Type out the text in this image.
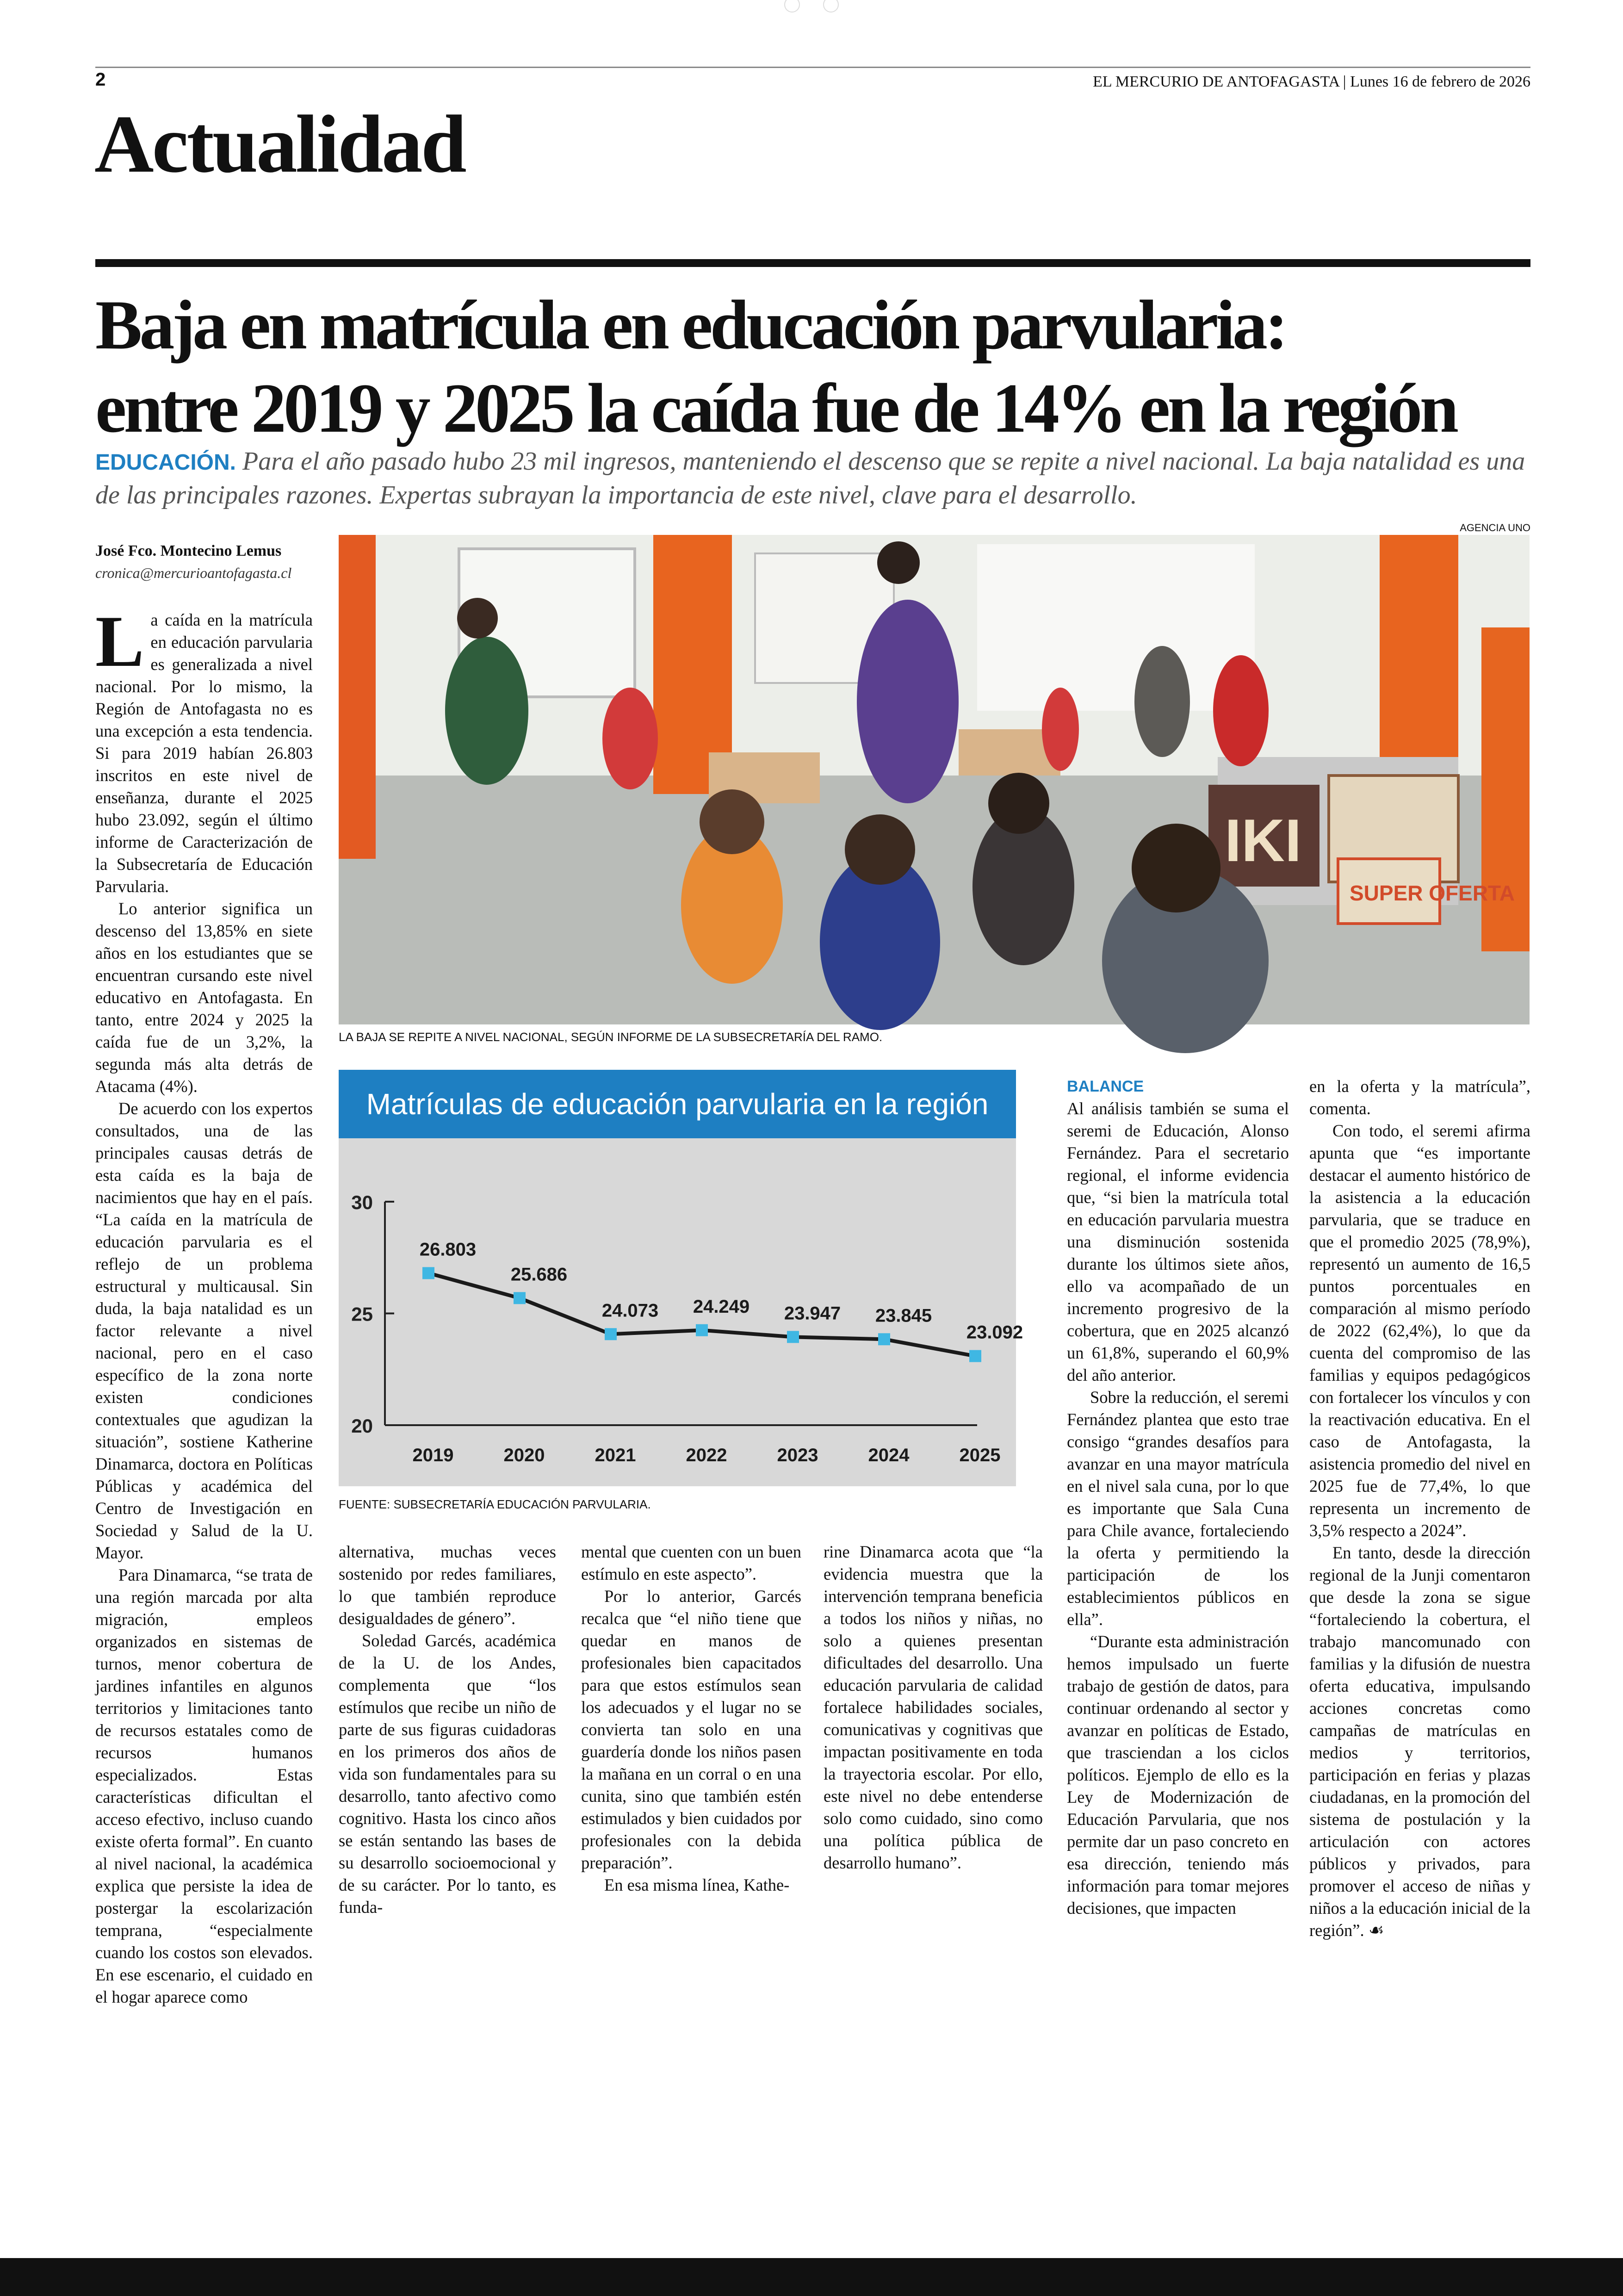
2	EL MERCURIO DE ANTOFAGASTA | Lunes 16 de febrero de 2026
Actualidad
Baja en matrícula en educación parvularia:
entre 2019 y 2025 la caída fue de 14% en la región
EDUCACIÓN. Para el año pasado hubo 23 mil ingresos, manteniendo el descenso que se repite a nivel nacional. La baja natalidad es una de las principales razones. Expertas subrayan la importancia de este nivel, clave para el desarrollo.
AGENCIA UNO
José Fco. Montecino Lemus
cronica@mercurioantofagasta.cl
IKI
SUPER OFERTA
LA BAJA SE REPITE A NIVEL NACIONAL, SEGÚN INFORME DE LA SUBSECRETARÍA DEL RAMO.

La caída en la matrícula en educación parvularia es generalizada a nivel nacional. Por lo mismo, la Región de Antofagasta no es una excepción a esta tendencia. Si para 2019 habían 26.803 inscritos en este nivel de enseñanza, durante el 2025 hubo 23.092, según el último informe de Caracterización de la Subsecretaría de Educación Parvularia.

Lo anterior significa un descenso del 13,85% en siete años en los estudiantes que se encuentran cursando este nivel educativo en Antofagasta. En tanto, entre 2024 y 2025 la caída fue de un 3,2%, la segunda más alta detrás de Atacama (4%).

De acuerdo con los expertos consultados, una de las principales causas detrás de esta caída es la baja de nacimientos que hay en el país. “La caída en la matrícula de educación parvularia es el reflejo de un problema estructural y multicausal. Sin duda, la baja natalidad es un factor relevante a nivel nacional, pero en el caso específico de la zona norte existen condiciones contextuales que agudizan la situación”, sostiene Katherine Dinamarca, doctora en Políticas Públicas y académica del Centro de Investigación en Sociedad y Salud de la U. Mayor.

Para Dinamarca, “se trata de una región marcada por alta migración, empleos organizados en sistemas de turnos, menor cobertura de jardines infantiles en algunos territorios y limitaciones tanto de recursos estatales como de recursos humanos especializados. Estas características dificultan el acceso efectivo, incluso cuando existe oferta formal”. En cuanto al nivel nacional, la académica explica que persiste la idea de postergar la escolarización temprana, “especialmente cuando los costos son elevados. En ese escenario, el cuidado en el hogar aparece como

Matrículas de educación parvularia en la región
30
25
20
26.803
2019
25.686
2020
24.073
2021
24.249
2022
23.947
2023
23.845
2024
23.092
2025
FUENTE: SUBSECRETARÍA EDUCACIÓN PARVULARIA.

alternativa, muchas veces sostenido por redes familiares, lo que también reproduce desigualdades de género”.

Soledad Garcés, académica de la U. de los Andes, complementa que “los estímulos que recibe un niño de parte de sus figuras cuidadoras en los primeros dos años de vida son fundamentales para su desarrollo, tanto afectivo como cognitivo. Hasta los cinco años se están sentando las bases de su desarrollo socioemocional y de su carácter. Por lo tanto, es funda-

mental que cuenten con un buen estímulo en este aspecto”.

Por lo anterior, Garcés recalca que “el niño tiene que quedar en manos de profesionales bien capacitados para que estos estímulos sean los adecuados y el lugar no se convierta tan solo en una guardería donde los niños pasen la mañana en un corral o en una cunita, sino que también estén estimulados y bien cuidados por profesionales con la debida preparación”.

En esa misma línea, Kathe-

rine Dinamarca acota que “la evidencia muestra que la intervención temprana beneficia a todos los niños y niñas, no solo a quienes presentan dificultades del desarrollo. Una educación parvularia de calidad fortalece habilidades sociales, comunicativas y cognitivas que impactan positivamente en toda la trayectoria escolar. Por ello, este nivel no debe entenderse solo como cuidado, sino como una política pública de desarrollo humano”.

BALANCE

Al análisis también se suma el seremi de Educación, Alonso Fernández. Para el secretario regional, el informe evidencia que, “si bien la matrícula total en educación parvularia muestra una disminución sostenida durante los últimos siete años, ello va acompañado de un incremento progresivo de la cobertura, que en 2025 alcanzó un 61,8%, superando el 60,9% del año anterior.

Sobre la reducción, el seremi Fernández plantea que esto trae consigo “grandes desafíos para avanzar en una mayor matrícula en el nivel sala cuna, por lo que es importante que Sala Cuna para Chile avance, fortaleciendo la oferta y permitiendo la participación de los establecimientos públicos en ella”.

“Durante esta administración hemos impulsado un fuerte trabajo de gestión de datos, para continuar ordenando al sector y avanzar en políticas de Estado, que trasciendan a los ciclos políticos. Ejemplo de ello es la Ley de Modernización de Educación Parvularia, que nos permite dar un paso concreto en esa dirección, teniendo más información para tomar mejores decisiones, que impacten

en la oferta y la matrícula”, comenta.

Con todo, el seremi afirma apunta que “es importante destacar el aumento histórico de la asistencia a la educación parvularia, que se traduce en que el promedio 2025 (78,9%), representó un aumento de 16,5 puntos porcentuales en comparación al mismo período de 2022 (62,4%), lo que da cuenta del compromiso de las familias y equipos pedagógicos con fortalecer los vínculos y con la reactivación educativa. En el caso de Antofagasta, la asistencia promedio del nivel en 2025 fue de 77,4%, lo que representa un incremento de 3,5% respecto a 2024”.

En tanto, desde la dirección regional de la Junji comentaron que desde la zona se sigue “fortaleciendo la cobertura, el trabajo mancomunado con familias y la difusión de nuestra oferta educativa, impulsando acciones concretas como campañas de matrículas en medios y territorios, participación en ferias y plazas ciudadanas, en la promoción del sistema de postulación y la articulación con actores públicos y privados, para promover el acceso de niñas y niños a la educación inicial de la región”. ☙
